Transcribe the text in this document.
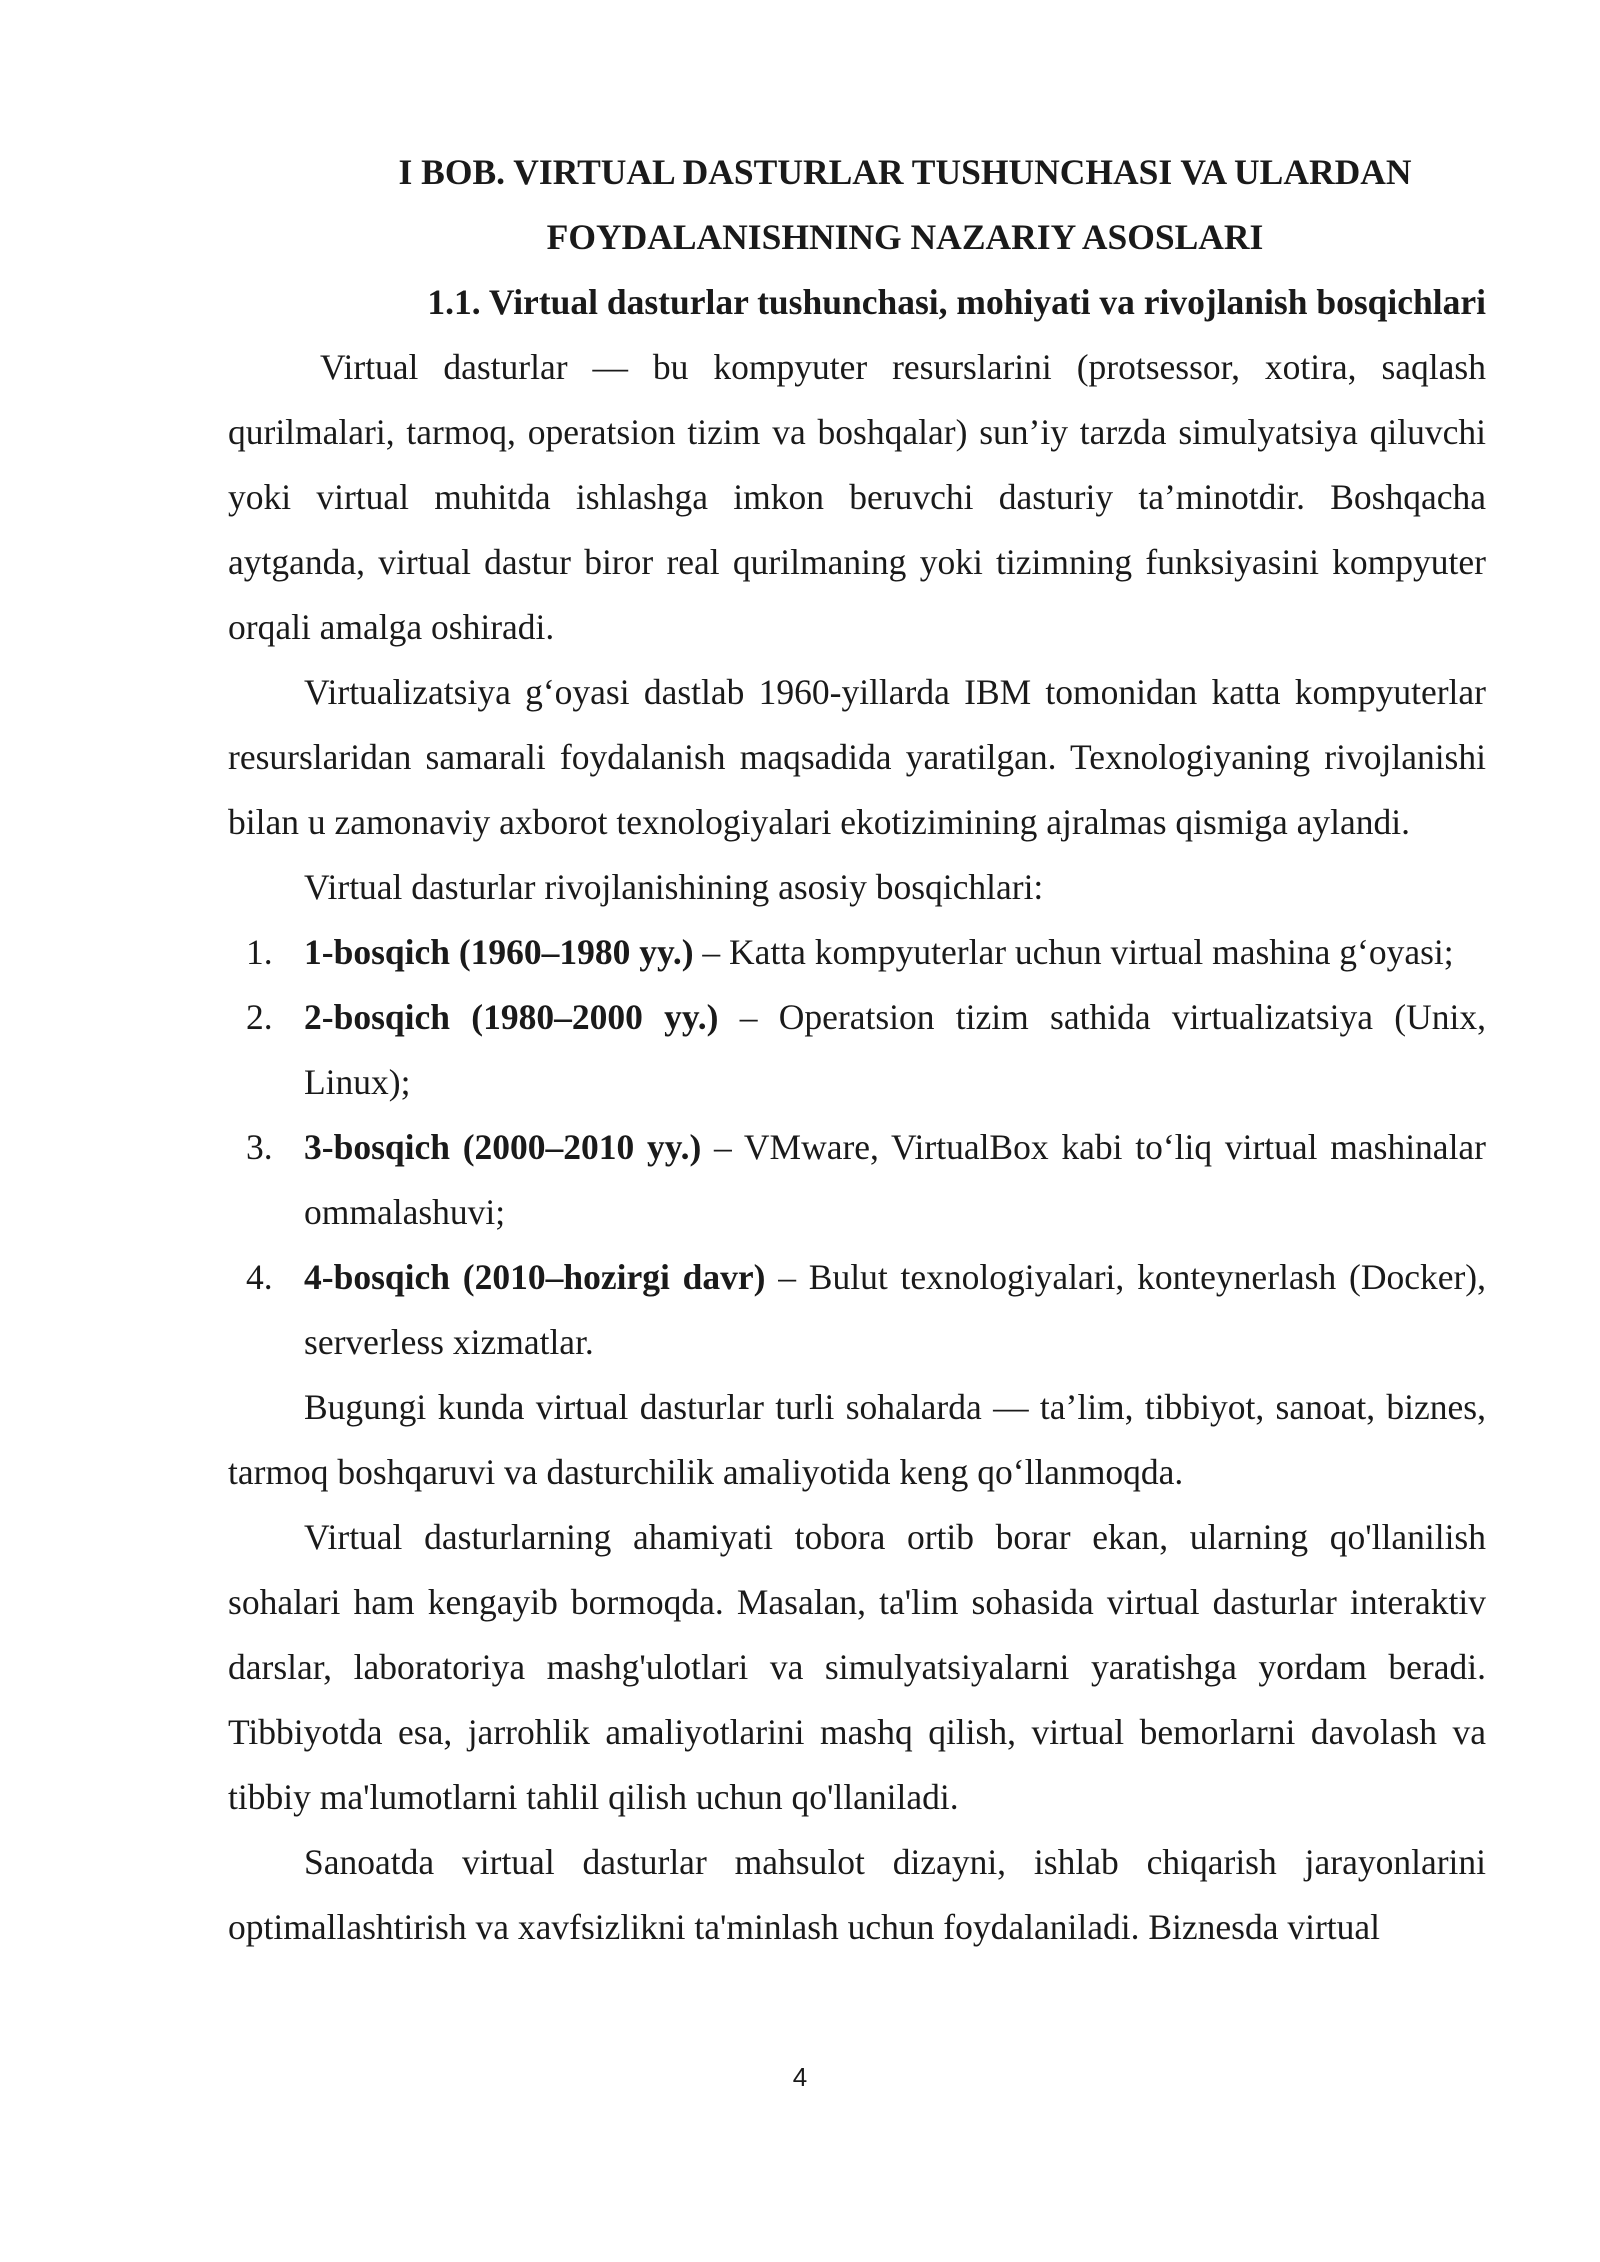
I BOB. VIRTUAL DASTURLAR TUSHUNCHASI VA ULARDAN
FOYDALANISHNING NAZARIY ASOSLARI
1.1. Virtual dasturlar tushunchasi, mohiyati va rivojlanish bosqichlari

Virtual dasturlar — bu kompyuter resurslarini (protsessor, xotira, saqlash qurilmalari, tarmoq, operatsion tizim va boshqalar) sun’iy tarzda simulyatsiya qiluvchi yoki virtual muhitda ishlashga imkon beruvchi dasturiy ta’minotdir. Boshqacha aytganda, virtual dastur biror real qurilmaning yoki tizimning funksiyasini kompyuter orqali amalga oshiradi.

Virtualizatsiya g‘oyasi dastlab 1960-yillarda IBM tomonidan katta kompyuterlar resurslaridan samarali foydalanish maqsadida yaratilgan. Texnologiyaning rivojlanishi bilan u zamonaviy axborot texnologiyalari ekotizimining ajralmas qismiga aylandi.

Virtual dasturlar rivojlanishining asosiy bosqichlari:

1. 1-bosqich (1960–1980 yy.) – Katta kompyuterlar uchun virtual mashina g‘oyasi;
2. 2-bosqich (1980–2000 yy.) – Operatsion tizim sathida virtualizatsiya (Unix, Linux);
3. 3-bosqich (2000–2010 yy.) – VMware, VirtualBox kabi to‘liq virtual mashinalar ommalashuvi;
4. 4-bosqich (2010–hozirgi davr) – Bulut texnologiyalari, konteynerlash (Docker), serverless xizmatlar.

Bugungi kunda virtual dasturlar turli sohalarda — ta’lim, tibbiyot, sanoat, biznes, tarmoq boshqaruvi va dasturchilik amaliyotida keng qo‘llanmoqda.

Virtual dasturlarning ahamiyati tobora ortib borar ekan, ularning qo'llanilish sohalari ham kengayib bormoqda. Masalan, ta'lim sohasida virtual dasturlar interaktiv darslar, laboratoriya mashg'ulotlari va simulyatsiyalarni yaratishga yordam beradi. Tibbiyotda esa, jarrohlik amaliyotlarini mashq qilish, virtual bemorlarni davolash va tibbiy ma'lumotlarni tahlil qilish uchun qo'llaniladi.

Sanoatda virtual dasturlar mahsulot dizayni, ishlab chiqarish jarayonlarini optimallashtirish va xavfsizlikni ta'minlash uchun foydalaniladi. Biznesda virtual

4
